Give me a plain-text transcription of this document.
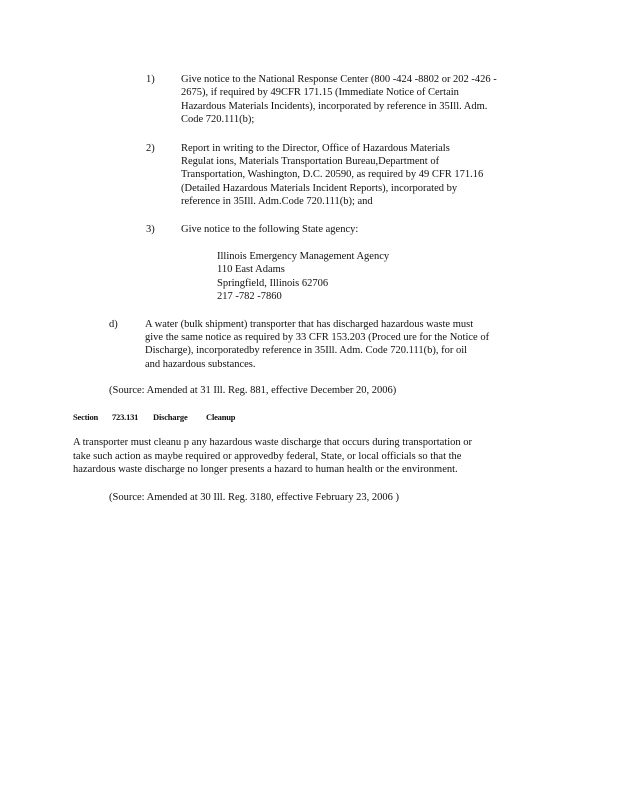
1)	Give notice to the National Response Center (800 -424 -8802 or 202 -426 -
2675), if required by 49CFR 171.15 (Immediate Notice of Certain
Hazardous Materials Incidents), incorporated by reference in 35Ill. Adm.
Code 720.111(b);
2)	Report in writing to the Director, Office of Hazardous Materials
Regulat ions, Materials Transportation Bureau,Department of
Transportation, Washington, D.C. 20590, as required by 49 CFR 171.16
(Detailed Hazardous Materials Incident Reports), incorporated by
reference in 35Ill. Adm.Code 720.111(b); and
3)	Give notice to the following State agency:
Illinois Emergency Management Agency
110 East Adams
Springfield, Illinois 62706
217 -782 -7860
d)	A water (bulk shipment) transporter that has discharged hazardous waste must
give the same notice as required by 33 CFR 153.203 (Proced ure for the Notice of
Discharge), incorporatedby reference in 35Ill. Adm. Code 720.111(b), for oil
and hazardous substances.
(Source: Amended at 31 Ill. Reg. 881, effective December 20, 2006)
Section 723.131 Discharge Cleanup
A transporter must cleanu p any hazardous waste discharge that occurs during transportation or
take such action as maybe required or approvedby federal, State, or local officials so that the
hazardous waste discharge no longer presents a hazard to human health or the environment.
(Source: Amended at 30 Ill. Reg. 3180, effective February 23, 2006 )
